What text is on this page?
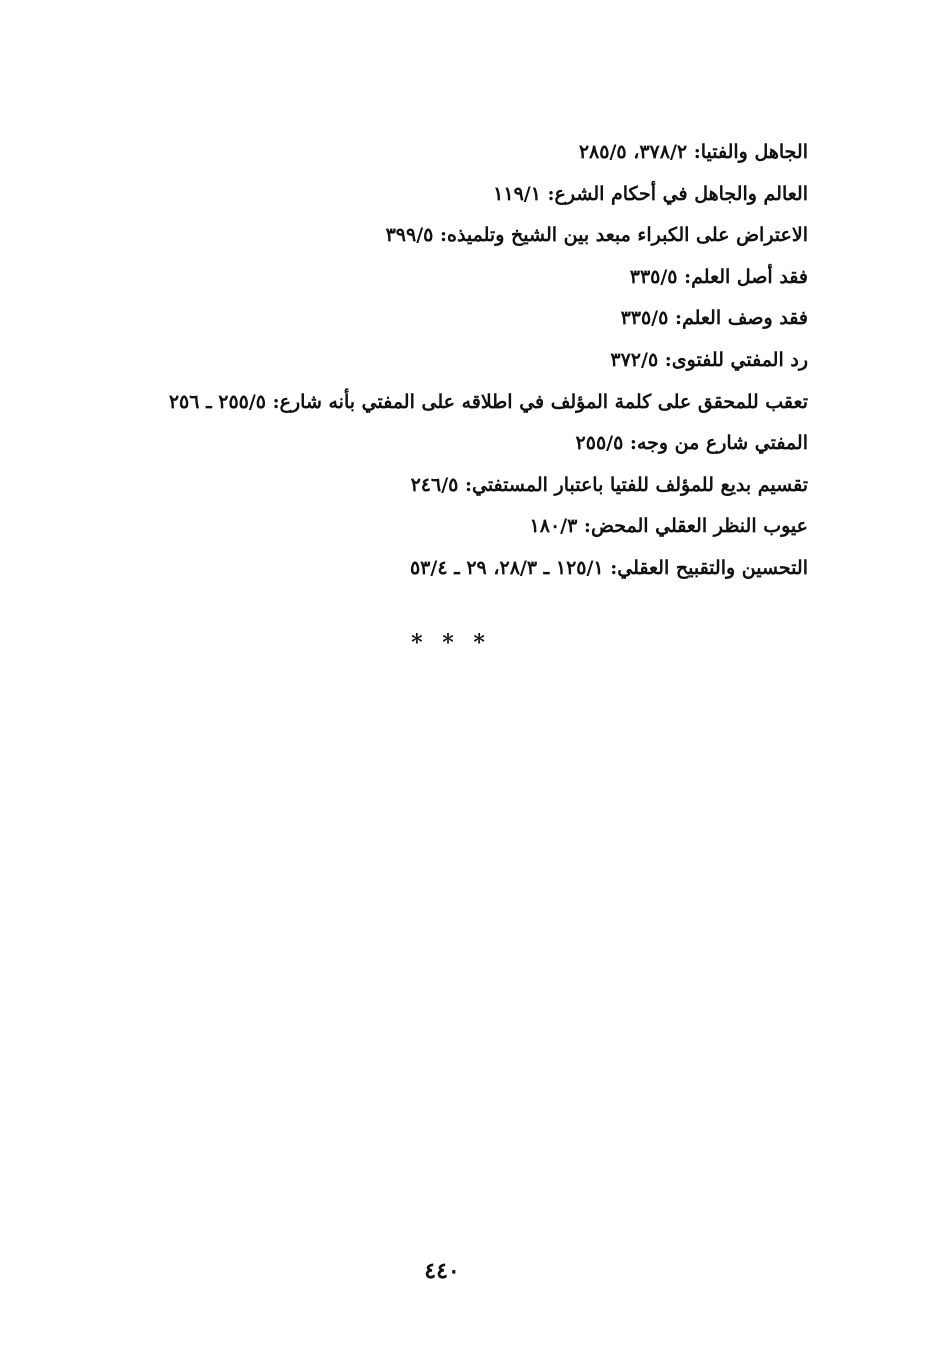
الجاهل والفتيا: ٣٧٨/٢، ٢٨٥/٥
العالم والجاهل في أحكام الشرع: ١١٩/١
الاعتراض على الكبراء مبعد بين الشيخ وتلميذه: ٣٩٩/٥
فقد أصل العلم: ٣٣٥/٥
فقد وصف العلم: ٣٣٥/٥
رد المفتي للفتوى: ٣٧٢/٥
تعقب للمحقق على كلمة المؤلف في اطلاقه على المفتي بأنه شارع: ٢٥٥/٥ ـ ٢٥٦
المفتي شارع من وجه: ٢٥٥/٥
تقسيم بديع للمؤلف للفتيا باعتبار المستفتي: ٢٤٦/٥
عيوب النظر العقلي المحض: ١٨٠/٣
التحسين والتقبيح العقلي: ١٢٥/١ ـ ٢٨/٣، ٢٩ ـ ٥٣/٤
* * *
٤٤٠
